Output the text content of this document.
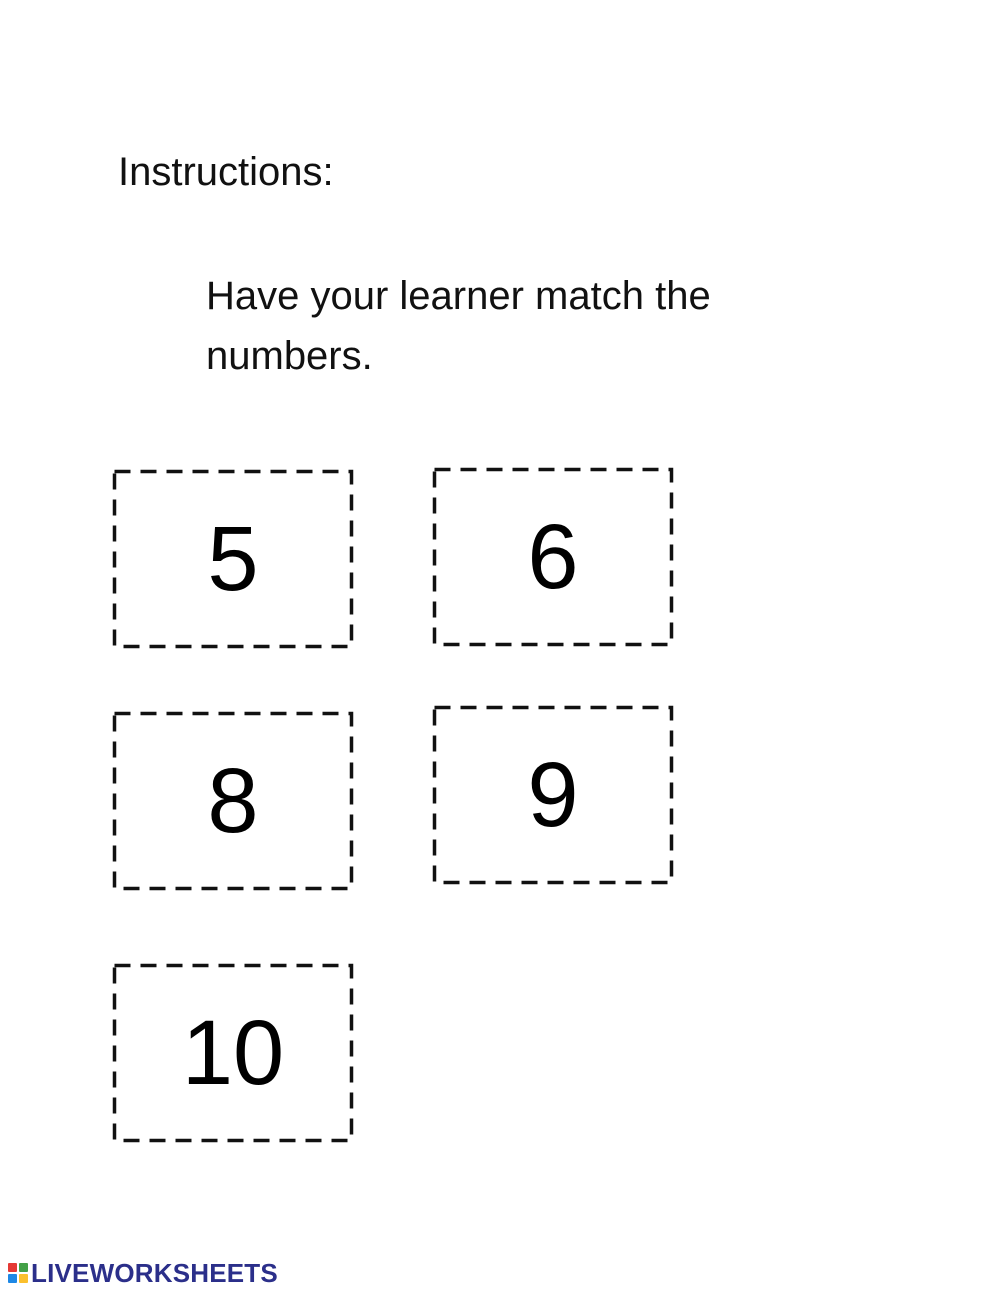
Instructions:
Have your learner match the numbers.
5	6
8	9
10
LIVEWORKSHEETS
